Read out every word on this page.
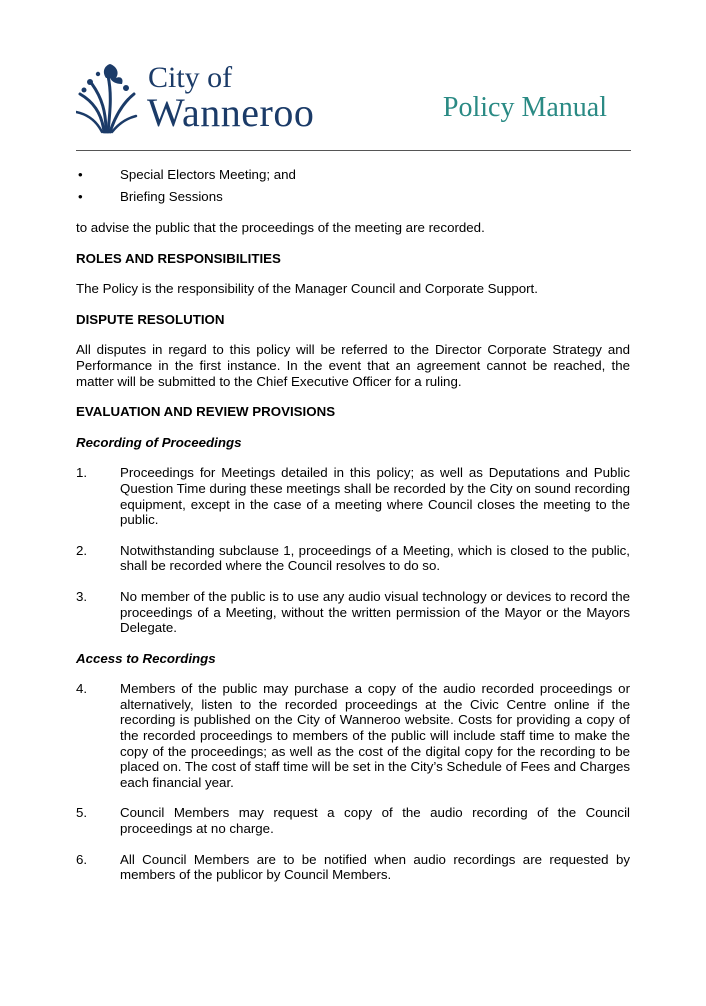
City of
Wanneroo	Policy Manual
•	Special Electors Meeting; and
•	Briefing Sessions

to advise the public that the proceedings of the meeting are recorded.

ROLES AND RESPONSIBILITIES

The Policy is the responsibility of the Manager Council and Corporate Support.

DISPUTE RESOLUTION

All disputes in regard to this policy will be referred to the Director Corporate Strategy and Performance in the first instance. In the event that an agreement cannot be reached, the matter will be submitted to the Chief Executive Officer for a ruling.

EVALUATION AND REVIEW PROVISIONS
Recording of Proceedings
1. Proceedings for Meetings detailed in this policy; as well as Deputations and Public Question Time during these meetings shall be recorded by the City on sound recording equipment, except in the case of a meeting where Council closes the meeting to the public.
2. Notwithstanding subclause 1, proceedings of a Meeting, which is closed to the public, shall be recorded where the Council resolves to do so.
3. No member of the public is to use any audio visual technology or devices to record the proceedings of a Meeting, without the written permission of the Mayor or the Mayors Delegate.
Access to Recordings
4. Members of the public may purchase a copy of the audio recorded proceedings or alternatively, listen to the recorded proceedings at the Civic Centre online if the recording is published on the City of Wanneroo website. Costs for providing a copy of the recorded proceedings to members of the public will include staff time to make the copy of the proceedings; as well as the cost of the digital copy for the recording to be placed on. The cost of staff time will be set in the City’s Schedule of Fees and Charges each financial year.
5. Council Members may request a copy of the audio recording of the Council proceedings at no charge.
6. All Council Members are to be notified when audio recordings are requested by members of the publicor by Council Members.
